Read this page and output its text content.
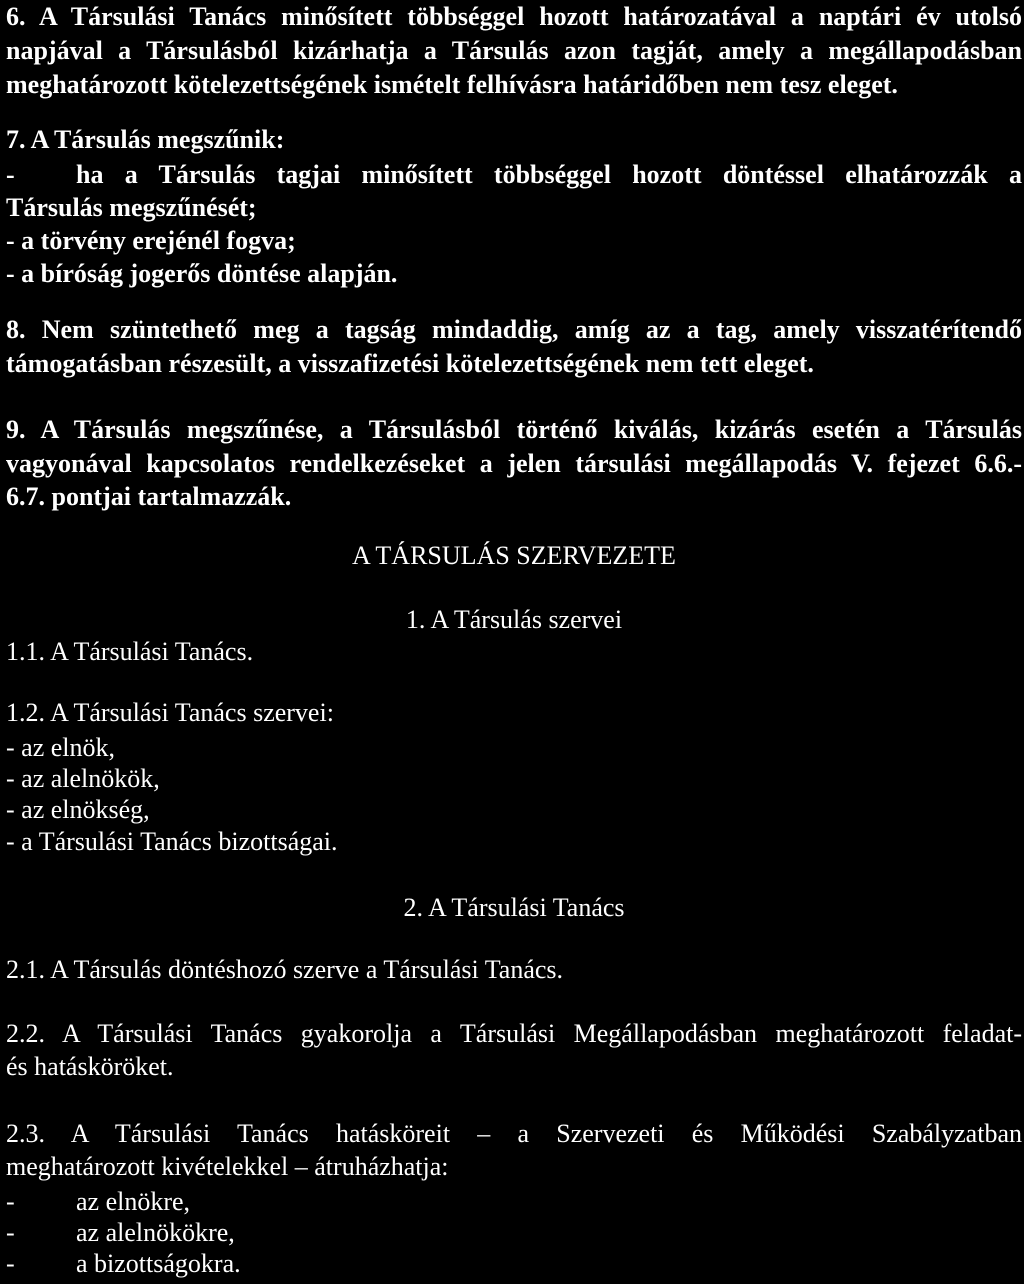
6. A Társulási Tanács minősített többséggel hozott határozatával a naptári év utolsó
napjával a Társulásból kizárhatja a Társulás azon tagját, amely a megállapodásban
meghatározott kötelezettségének ismételt felhívásra határidőben nem tesz eleget.
7. A Társulás megszűnik:
- ha a Társulás tagjai minősített többséggel hozott döntéssel elhatározzák a
Társulás megszűnését;
- a törvény erejénél fogva;
- a bíróság jogerős döntése alapján.
8. Nem szüntethető meg a tagság mindaddig, amíg az a tag, amely visszatérítendő
támogatásban részesült, a visszafizetési kötelezettségének nem tett eleget.
9. A Társulás megszűnése, a Társulásból történő kiválás, kizárás esetén a Társulás
vagyonával kapcsolatos rendelkezéseket a jelen társulási megállapodás V. fejezet 6.6.-
6.7. pontjai tartalmazzák.
A TÁRSULÁS SZERVEZETE
1. A Társulás szervei
1.1. A Társulási Tanács.
1.2. A Társulási Tanács szervei:
- az elnök,
- az alelnökök,
- az elnökség,
- a Társulási Tanács bizottságai.
2. A Társulási Tanács
2.1. A Társulás döntéshozó szerve a Társulási Tanács.
2.2. A Társulási Tanács gyakorolja a Társulási Megállapodásban meghatározott feladat-
és hatásköröket.
2.3. A Társulási Tanács hatásköreit – a Szervezeti és Működési Szabályzatban
meghatározott kivételekkel – átruházhatja:
- az elnökre,
- az alelnökökre,
- a bizottságokra.
